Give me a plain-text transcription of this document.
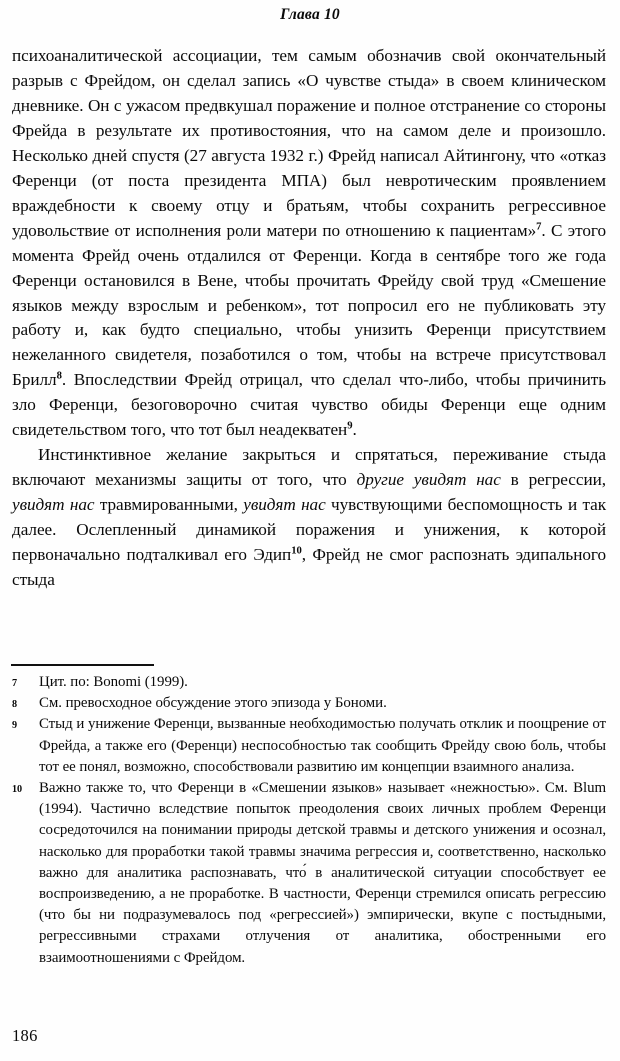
Глава 10

психоаналитической ассоциации, тем самым обозначив свой окончательный разрыв с Фрейдом, он сделал запись «О чувстве стыда» в своем клиническом дневнике. Он с ужасом предвкушал поражение и полное отстранение со стороны Фрейда в результате их противостояния, что на самом деле и произошло. Несколько дней спустя (27 августа 1932 г.) Фрейд написал Айтингону, что «отказ Ференци (от поста президента МПА) был невротическим проявлением враждебности к своему отцу и братьям, чтобы сохранить регрессивное удовольствие от исполнения роли матери по отношению к пациентам»$^7$. С этого момента Фрейд очень отдалился от Ференци. Когда в сентябре того же года Ференци остановился в Вене, чтобы прочитать Фрейду свой труд «Смешение языков между взрослым и ребенком», тот попросил его не публиковать эту работу и, как будто специально, чтобы унизить Ференци присутствием нежеланного свидетеля, позаботился о том, чтобы на встрече присутствовал Брилл$^8$. Впоследствии Фрейд отрицал, что сделал что-либо, чтобы причинить зло Ференци, безоговорочно считая чувство обиды Ференци еще одним свидетельством того, что тот был неадекватен$^9$.

Инстинктивное желание закрыться и спрятаться, переживание стыда включают механизмы защиты от того, что другие увидят нас в регрессии, увидят нас травмированными, увидят нас чувствующими беспомощность и так далее. Ослепленный динамикой поражения и унижения, к которой первоначально подталкивал его Эдип$^{10}$, Фрейд не смог распознать эдипального стыда

7	Цит. по: Bonomi (1999).
8	См. превосходное обсуждение этого эпизода у Бономи.
9	Стыд и унижение Ференци, вызванные необходимостью получать отклик и поощрение от Фрейда, а также его (Ференци) неспособностью так сообщить Фрейду свою боль, чтобы тот ее понял, возможно, способствовали развитию им концепции взаимного анализа.
10	Важно также то, что Ференци в «Смешении языков» называет «нежностью». См. Blum (1994). Частично вследствие попыток преодоления своих личных проблем Ференци сосредоточился на понимании природы детской травмы и детского унижения и осознал, насколько для проработки такой травмы значима регрессия и, соответственно, насколько важно для аналитика распознавать, что́ в аналитической ситуации способствует ее воспроизведению, а не проработке. В частности, Ференци стремился описать регрессию (что бы ни подразумевалось под «регрессией») эмпирически, вкупе с постыдными, регрессивными страхами отлучения от аналитика, обостренными его взаимоотношениями с Фрейдом.
186
